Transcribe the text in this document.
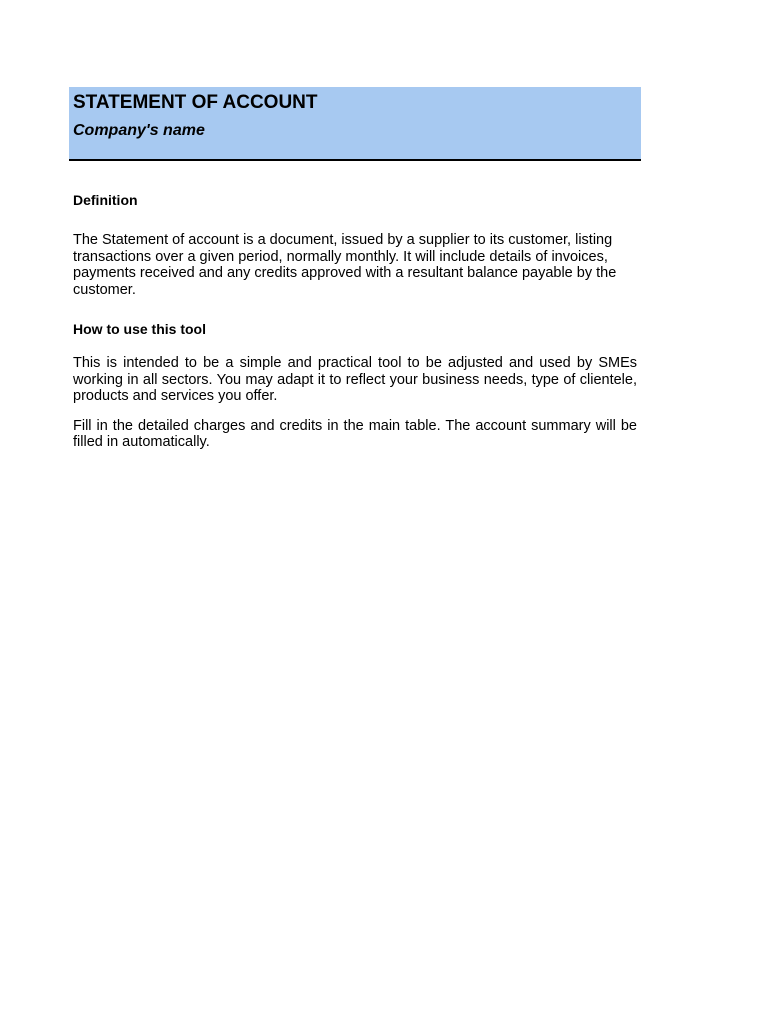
STATEMENT OF ACCOUNT
Company's name
Definition

The Statement of account is a document, issued by a supplier to its customer, listing transactions over a given period, normally monthly. It will include details of invoices, payments received and any credits approved with a resultant balance payable by the customer.

How to use this tool

This is intended to be a simple and practical tool to be adjusted and used by SMEs working in all sectors. You may adapt it to reflect your business needs, type of clientele, products and services you offer.

Fill in the detailed charges and credits in the main table. The account summary will be filled in automatically.
